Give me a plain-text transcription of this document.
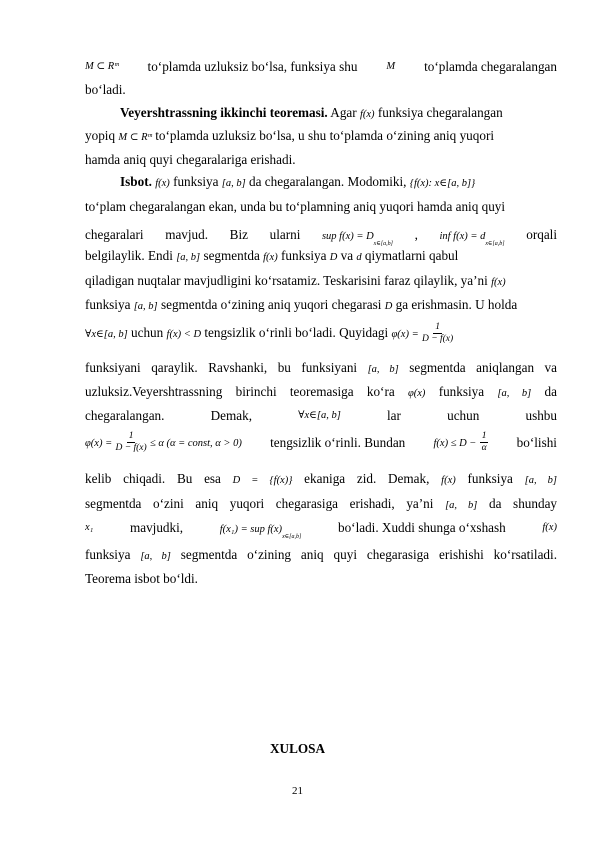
M ⊂ Rᵐ to‘plamda uzluksiz bo‘lsa, funksiya shu	M to‘plamda chegaralangan
bo‘ladi.
Veyershtrassning ikkinchi teoremasi. Agar f(x) funksiya chegaralangan
yopiq M ⊂ Rᵐ to‘plamda uzluksiz bo‘lsa, u shu to‘plamda o‘zining aniq yuqori
hamda aniq quyi chegaralariga erishadi.
Isbot. f(x) funksiya [a, b] da chegaralangan. Modomiki, {f(x): x∈[a, b]}
to‘plam chegaralangan ekan, unda bu to‘plamning aniq yuqori hamda aniq quyi
chegaralari mavjud. Biz ularni sup $f(x) = D_{x\in[a,b]}$
, inf $f(x) = d_{x\in[a,b]}$
orqali
belgilaylik. Endi [a, b] segmentda f(x) funksiya D va d qiymatlarni qabul
qiladigan nuqtalar mavjudligini ko‘rsatamiz. Teskarisini faraz qilaylik, ya’ni f(x)
funksiya [a, b] segmentda o‘zining aniq yuqori chegarasi D ga erishmasin. U holda
∀x∈[a, b] uchun f(x) < D tengsizlik o‘rinli bo‘ladi. Quyidagi $\varphi(x) = \frac{1}{D - f(x)}$
funksiyani qaraylik. Ravshanki, bu funksiyani [a, b] segmentda aniqlangan va
uzluksiz.Veyershtrassning birinchi teoremasiga ko‘ra φ(x) funksiya [a, b] da
chegaralangan.	Demak,	∀x∈[a, b]	lar	uchun	ushbu
$\varphi(x) = \frac{1}{D - f(x)} \le \alpha$ (α = const, α > 0) tengsizlik o‘rinli. Bundan	$f(x) \le D - \frac{1}{\alpha}$ bo‘lishi
kelib chiqadi. Bu esa D = {f(x)} ekaniga zid. Demak, f(x) funksiya [a, b]
segmentda o‘zini aniq yuqori chegarasiga erishadi, ya’ni [a, b] da shunday
x₁	mavjudki,	f(x₁) = sup $f(x)_{x\in[a,b]}$
bo‘ladi. Xuddi shunga o‘xshash	f(x)
funksiya [a, b] segmentda o‘zining aniq quyi chegarasiga erishishi ko‘rsatiladi.
Teorema isbot bo‘ldi.
XULOSA
21
